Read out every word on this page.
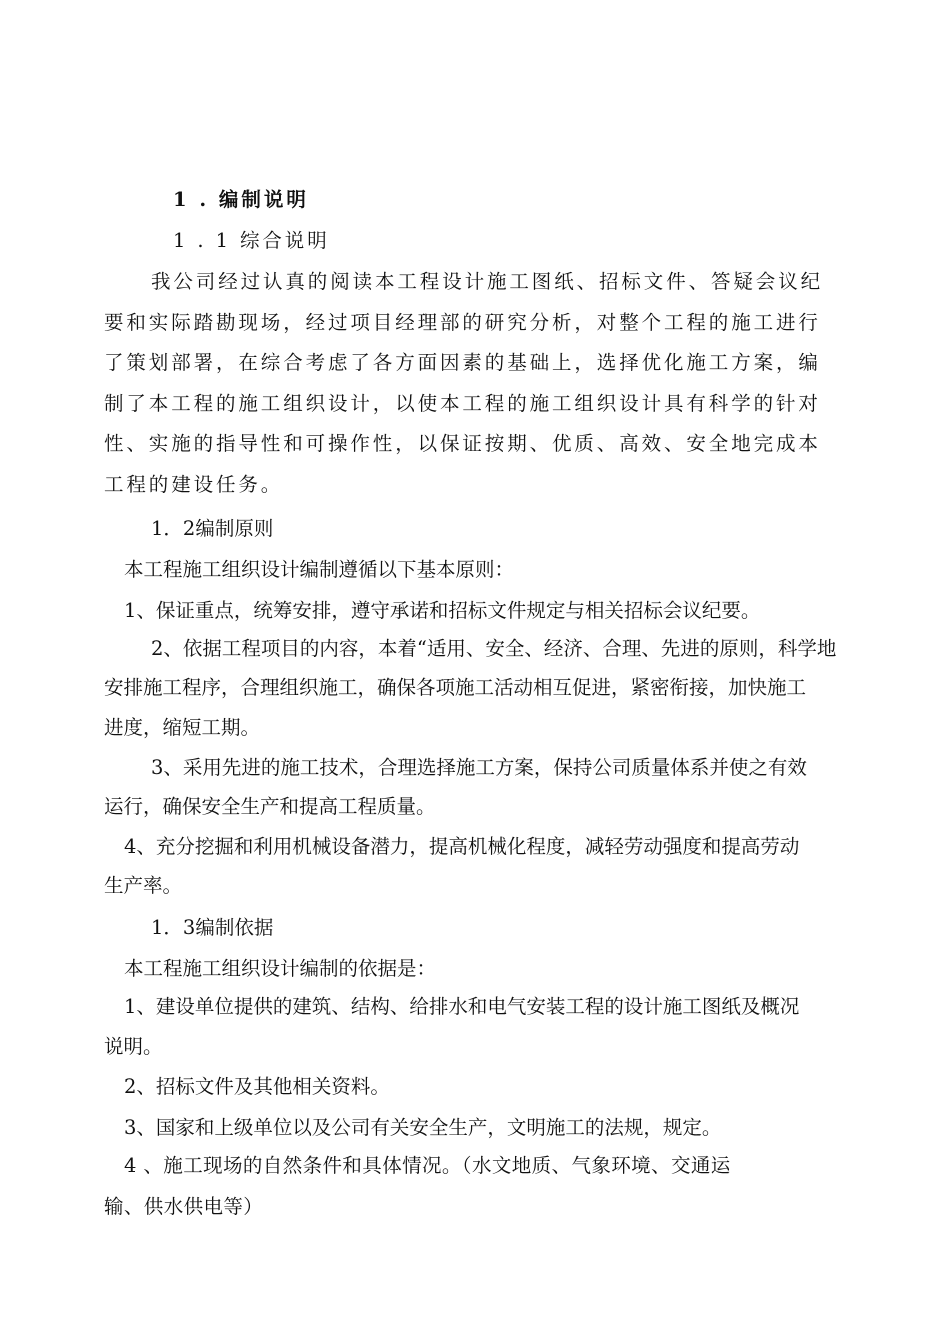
1 . 编制说明
1 . 1 综合说明
我公司经过认真的阅读本工程设计施工图纸、招标文件、答疑会议纪
要和实际踏勘现场，经过项目经理部的研究分析，对整个工程的施工进行
了策划部署，在综合考虑了各方面因素的基础上，选择优化施工方案，编
制了本工程的施工组织设计，以使本工程的施工组织设计具有科学的针对
性、实施的指导性和可操作性，以保证按期、优质、高效、安全地完成本
工程的建设任务。
1．2编制原则
本工程施工组织设计编制遵循以下基本原则：
1、保证重点，统筹安排，遵守承诺和招标文件规定与相关招标会议纪要。
2、依据工程项目的内容，本着“适用、安全、经济、合理、先进的原则，科学地
安排施工程序，合理组织施工，确保各项施工活动相互促进，紧密衔接，加快施工
进度，缩短工期。
3、采用先进的施工技术，合理选择施工方案，保持公司质量体系并使之有效
运行，确保安全生产和提高工程质量。
4、充分挖掘和利用机械设备潜力，提高机械化程度，减轻劳动强度和提高劳动
生产率。
1．3编制依据
本工程施工组织设计编制的依据是：
1、建设单位提供的建筑、结构、给排水和电气安装工程的设计施工图纸及概况
说明。
2、招标文件及其他相关资料。
3、国家和上级单位以及公司有关安全生产，文明施工的法规，规定。
4 、施工现场的自然条件和具体情况。（水文地质、气象环境、交通运
输、供水供电等）
